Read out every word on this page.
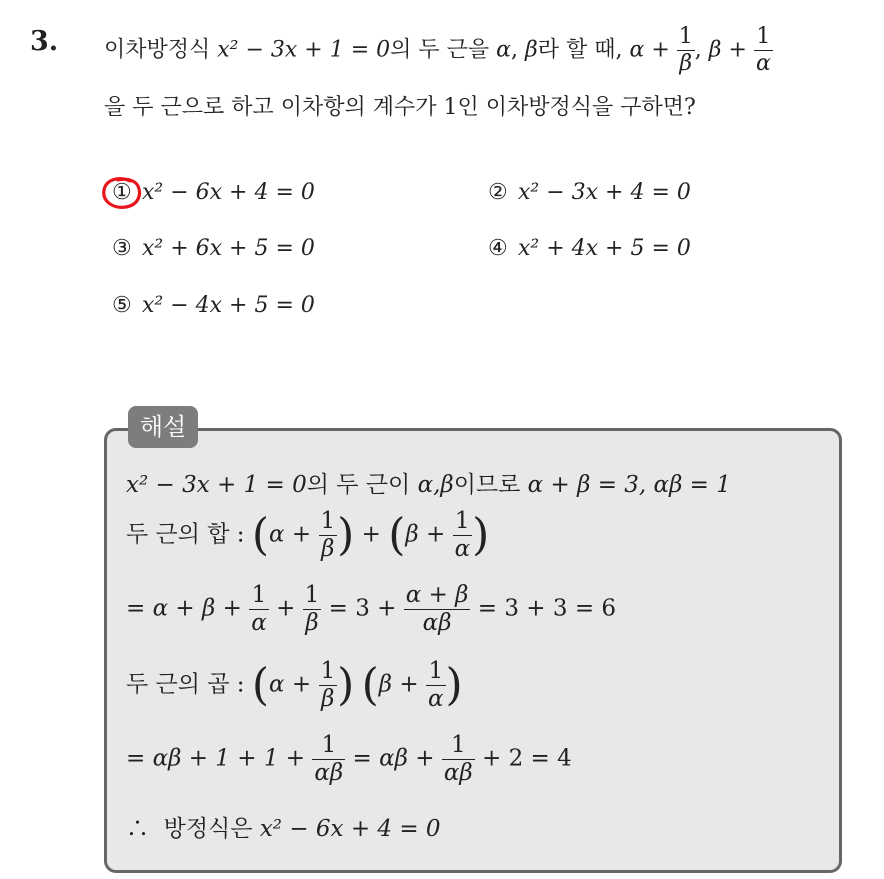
3. 이차방정식 x² − 3x + 1 = 0의 두 근을 α, β라 할 때, $\alpha + \frac{1}{\beta}$ , $\beta + \frac{1}{\alpha}$
을 두 근으로 하고 이차항의 계수가 1인 이차방정식을 구하면?
① x² − 6x + 4 = 0	② x² − 3x + 4 = 0
③ x² + 6x + 5 = 0	④ x² + 4x + 5 = 0
⑤ x² − 4x + 5 = 0
해설
x² − 3x + 1 = 0의 두 근이 α,β이므로 α + β = 3, αβ = 1
두 근의 합 : ($\alpha + \frac{1}{\beta}$ ) + ($\beta + \frac{1}{\alpha}$ )
= $\alpha + \beta + \frac{1}{\alpha} + \frac{1}{\beta} = 3 + \frac{\alpha + \beta}{\alpha\beta} = 3 + 3 = 6$
두 근의 곱 : ($\alpha + \frac{1}{\beta}$ ) ($\beta + \frac{1}{\alpha}$ )
= $\alpha\beta + 1 + 1 + \frac{1}{\alpha\beta} = \alpha\beta + \frac{1}{\alpha\beta} + 2 = 4$
∴ 방정식은 x² − 6x + 4 = 0
